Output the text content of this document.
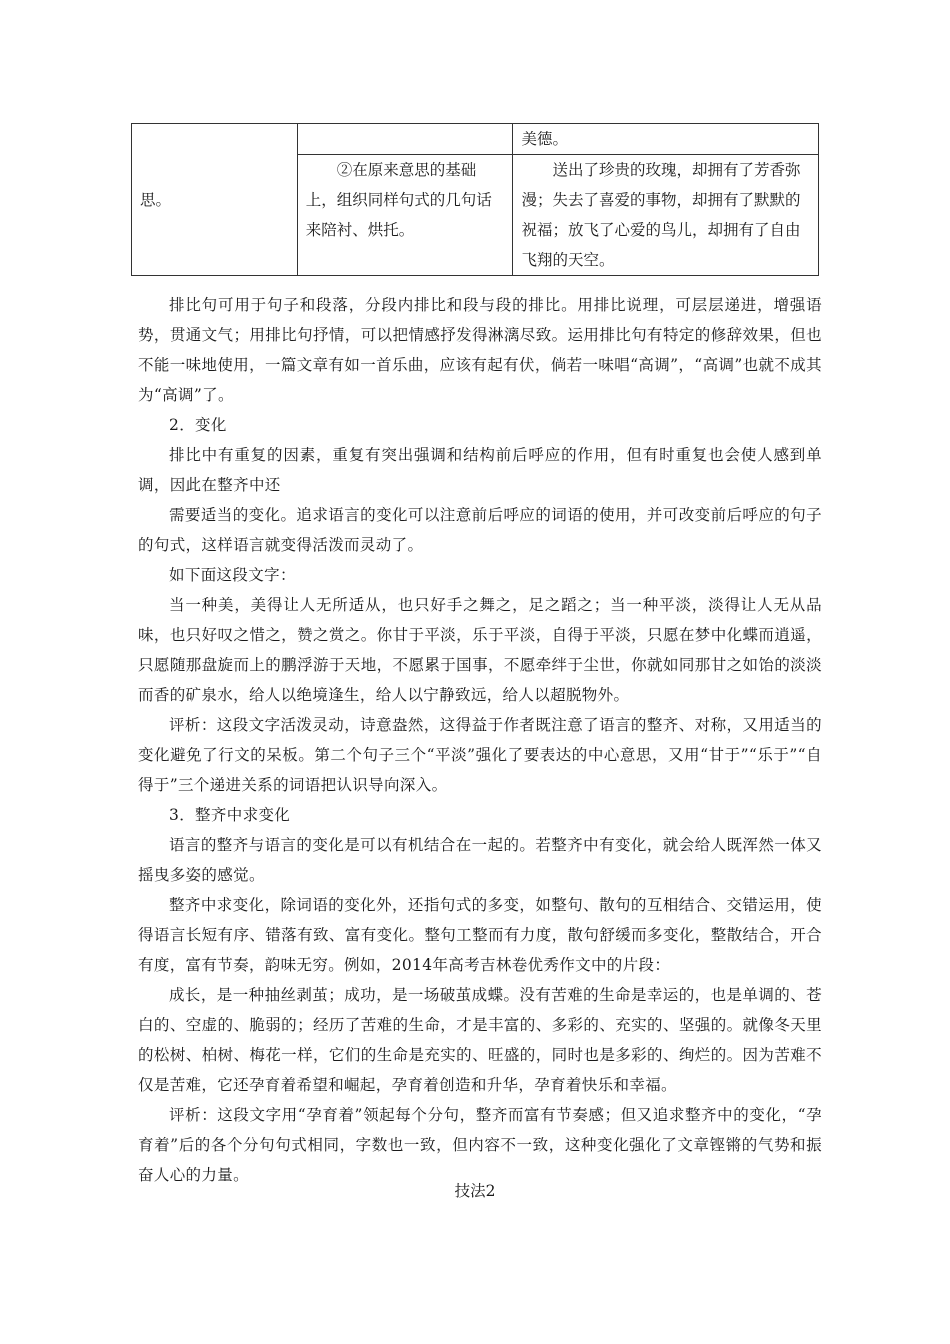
思。		美德。
	②在原来意思的基础上，组织同样句式的几句话来陪衬、烘托。	送出了珍贵的玫瑰，却拥有了芳香弥漫；失去了喜爱的事物，却拥有了默默的祝福；放飞了心爱的鸟儿，却拥有了自由飞翔的天空。

排比句可用于句子和段落，分段内排比和段与段的排比。用排比说理，可层层递进，增强语势，贯通文气；用排比句抒情，可以把情感抒发得淋漓尽致。运用排比句有特定的修辞效果，但也不能一味地使用，一篇文章有如一首乐曲，应该有起有伏，倘若一味唱“高调”，“高调”也就不成其为“高调”了。

2．变化

排比中有重复的因素，重复有突出强调和结构前后呼应的作用，但有时重复也会使人感到单调，因此在整齐中还

需要适当的变化。追求语言的变化可以注意前后呼应的词语的使用，并可改变前后呼应的句子的句式，这样语言就变得活泼而灵动了。

如下面这段文字：

当一种美，美得让人无所适从，也只好手之舞之，足之蹈之；当一种平淡，淡得让人无从品味，也只好叹之惜之，赞之赏之。你甘于平淡，乐于平淡，自得于平淡，只愿在梦中化蝶而逍遥，只愿随那盘旋而上的鹏浮游于天地，不愿累于国事，不愿牵绊于尘世，你就如同那甘之如饴的淡淡而香的矿泉水，给人以绝境逢生，给人以宁静致远，给人以超脱物外。

评析：这段文字活泼灵动，诗意盎然，这得益于作者既注意了语言的整齐、对称，又用适当的变化避免了行文的呆板。第二个句子三个“平淡”强化了要表达的中心意思，又用“甘于”“乐于”“自得于”三个递进关系的词语把认识导向深入。

3．整齐中求变化

语言的整齐与语言的变化是可以有机结合在一起的。若整齐中有变化，就会给人既浑然一体又摇曳多姿的感觉。

整齐中求变化，除词语的变化外，还指句式的多变，如整句、散句的互相结合、交错运用，使得语言长短有序、错落有致、富有变化。整句工整而有力度，散句舒缓而多变化，整散结合，开合有度，富有节奏，韵味无穷。例如，2014年高考吉林卷优秀作文中的片段：

成长，是一种抽丝剥茧；成功，是一场破茧成蝶。没有苦难的生命是幸运的，也是单调的、苍白的、空虚的、脆弱的；经历了苦难的生命，才是丰富的、多彩的、充实的、坚强的。就像冬天里的松树、柏树、梅花一样，它们的生命是充实的、旺盛的，同时也是多彩的、绚烂的。因为苦难不仅是苦难，它还孕育着希望和崛起，孕育着创造和升华，孕育着快乐和幸福。

评析：这段文字用“孕育着”领起每个分句，整齐而富有节奏感；但又追求整齐中的变化，“孕育着”后的各个分句句式相同，字数也一致，但内容不一致，这种变化强化了文章铿锵的气势和振奋人心的力量。

技法2
